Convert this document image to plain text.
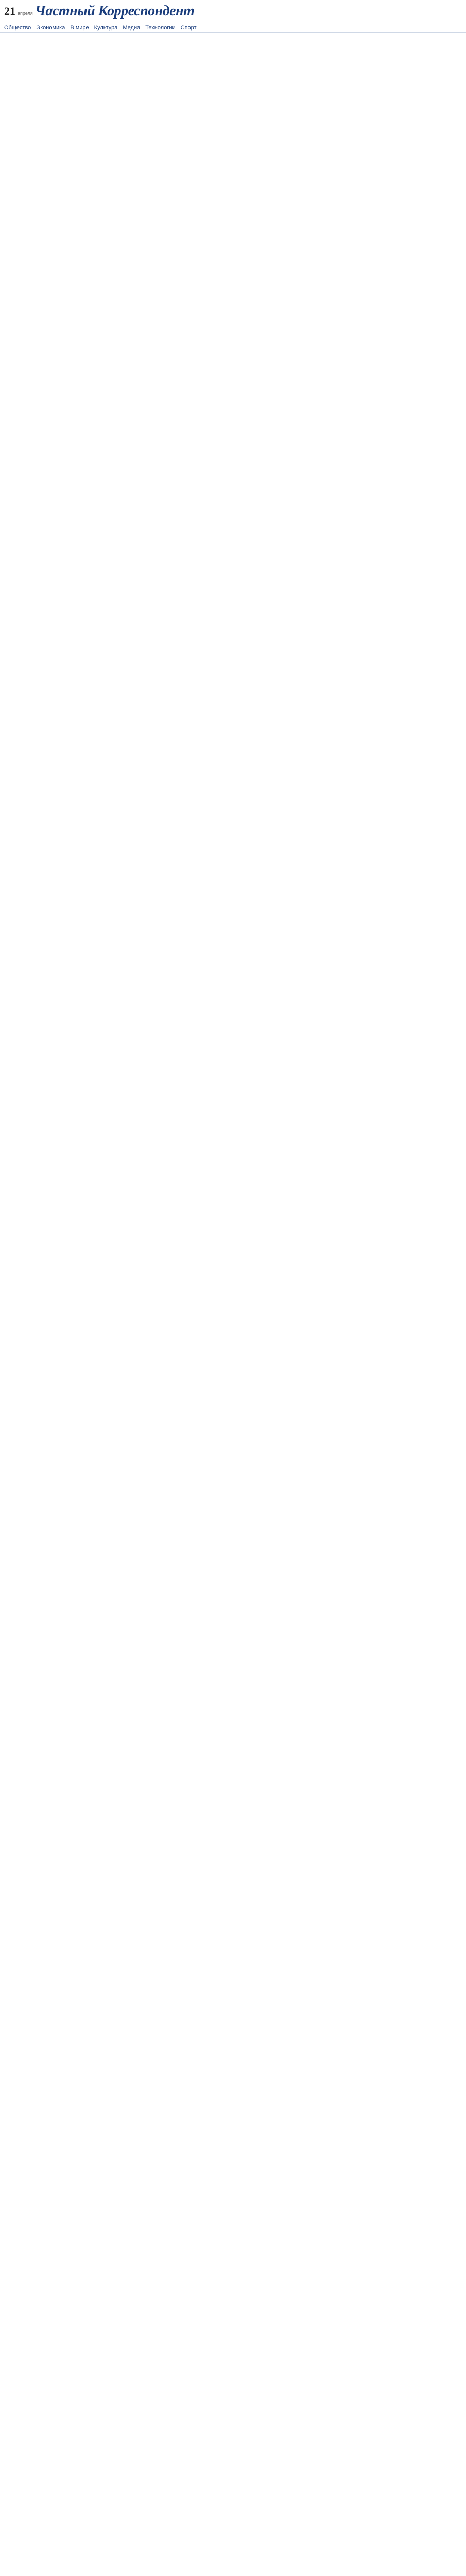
21 апреля Частный Корреспондент
Общество Экономика В мире Культура Медиа Технологии Спорт
